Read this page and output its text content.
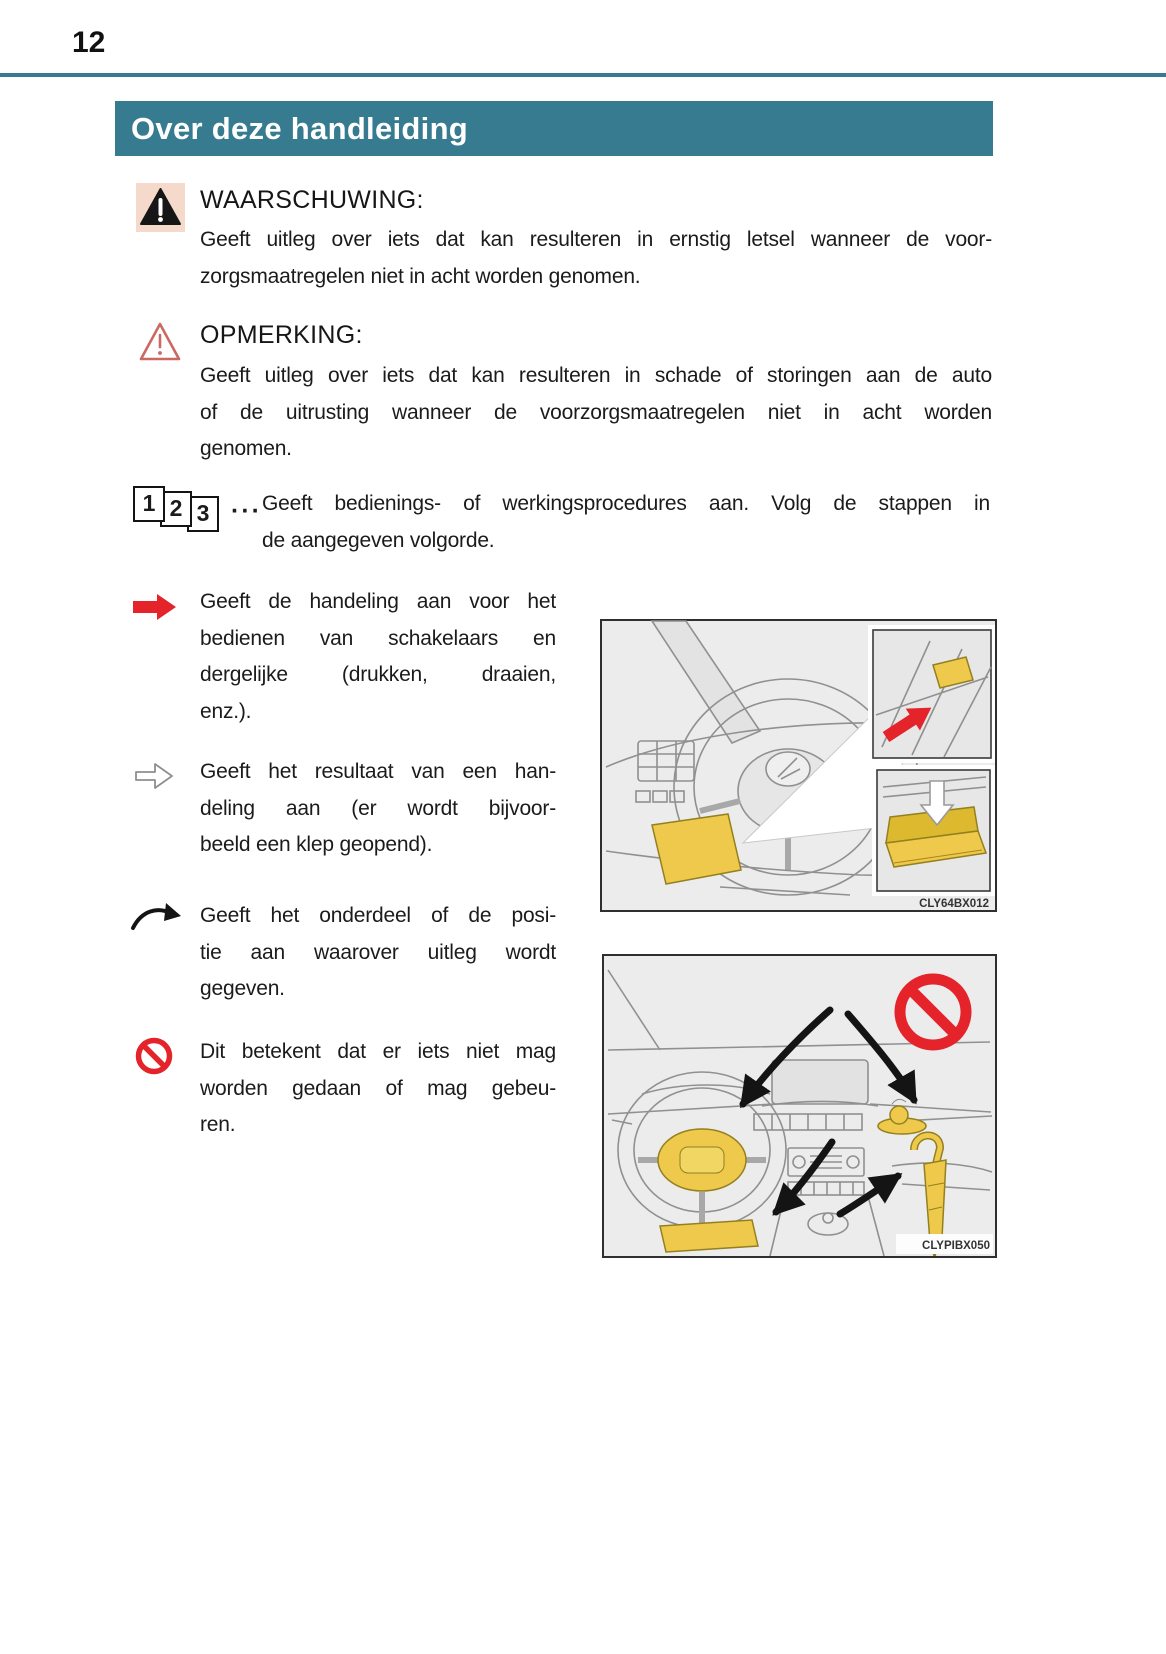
12
Over deze handleiding
WAARSCHUWING:
Geeft uitleg over iets dat kan resulteren in ernstig letsel wanneer de voor-
zorgsmaatregelen niet in acht worden genomen.
OPMERKING:
Geeft uitleg over iets dat kan resulteren in schade of storingen aan de auto
of de uitrusting wanneer de voorzorgsmaatregelen niet in acht worden
genomen.
1 2 3 ··· Geeft bedienings- of werkingsprocedures aan. Volg de stappen in
de aangegeven volgorde.
Geeft de handeling aan voor het
bedienen van schakelaars en
dergelijke (drukken, draaien,
enz.).
Geeft het resultaat van een han-
deling aan (er wordt bijvoor-
beeld een klep geopend).
Geeft het onderdeel of de posi-
tie aan waarover uitleg wordt
gegeven.
Dit betekent dat er iets niet mag
worden gedaan of mag gebeu-
ren.
CLY64BX012
CLYPIBX050
